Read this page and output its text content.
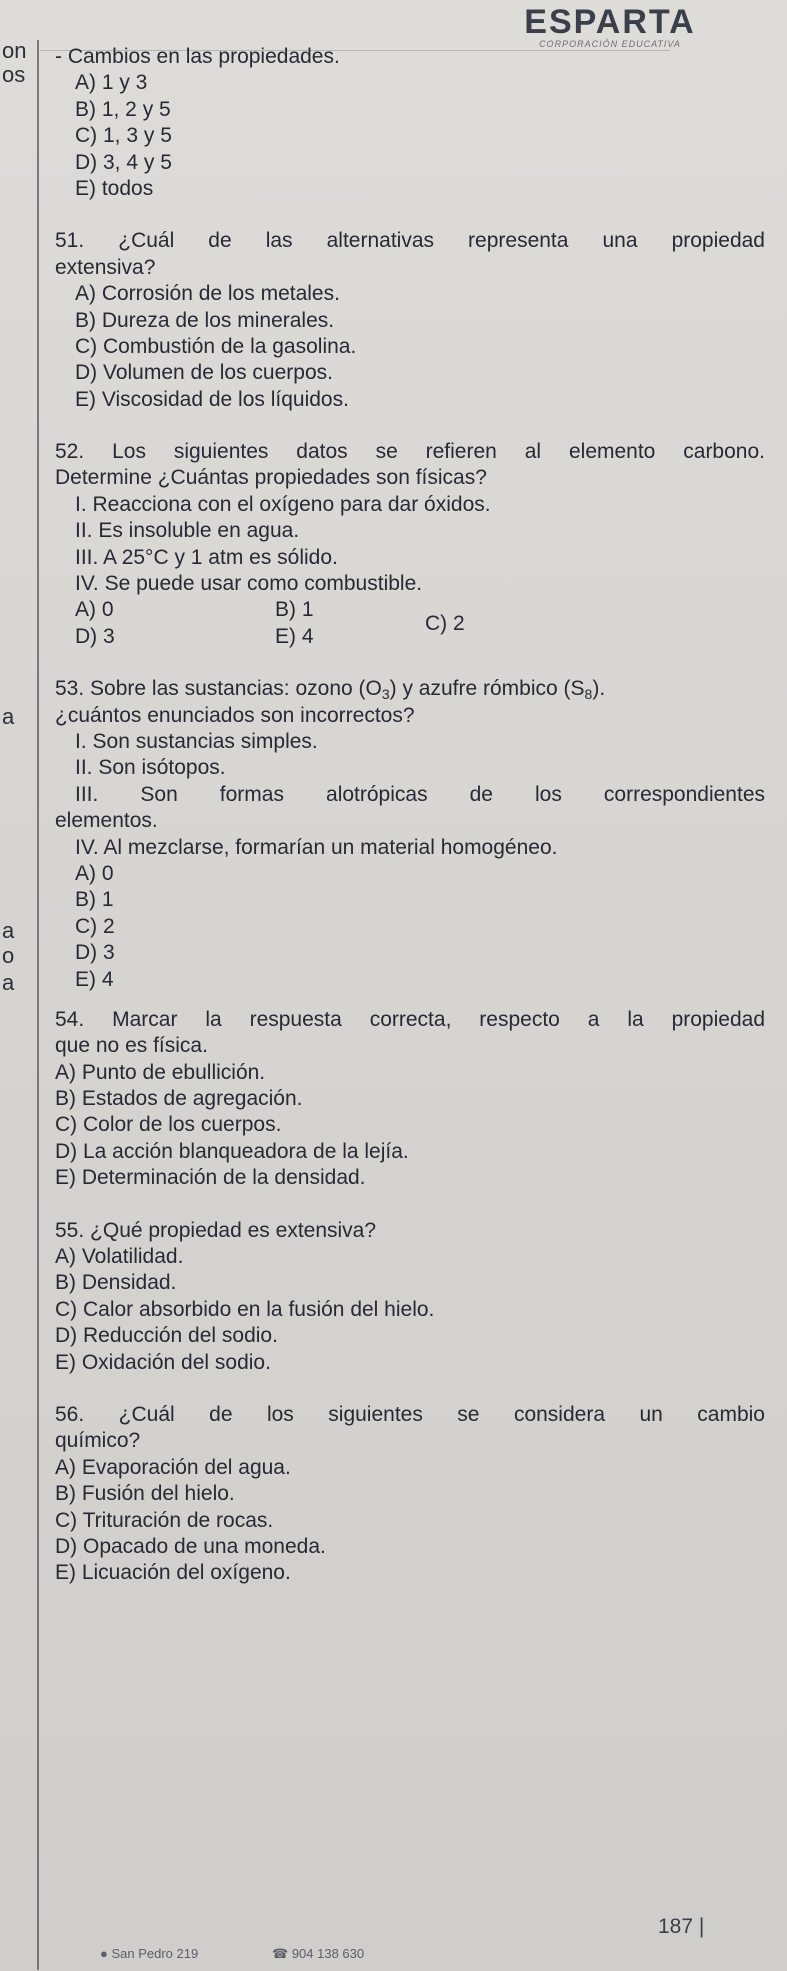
ESPARTA
CORPORACIÓN EDUCATIVA
on
os
a
a
o
a
- Cambios en las propiedades.
A) 1 y 3
B) 1, 2 y 5
C) 1, 3 y 5
D) 3, 4 y 5
E) todos
51. ¿Cuál de las alternativas representa una propiedad
extensiva?
A) Corrosión de los metales.
B) Dureza de los minerales.
C) Combustión de la gasolina.
D) Volumen de los cuerpos.
E) Viscosidad de los líquidos.
52. Los siguientes datos se refieren al elemento carbono.
Determine ¿Cuántas propiedades son físicas?
I. Reacciona con el oxígeno para dar óxidos.
II. Es insoluble en agua.
III. A 25°C y 1 atm es sólido.
IV. Se puede usar como combustible.
A) 0	B) 1
C) 2
D) 3	E) 4
53. Sobre las sustancias: ozono $(O_3)$ y azufre rómbico $(S_8)$.
¿cuántos enunciados son incorrectos?
I. Son sustancias simples.
II. Son isótopos.
III. Son formas alotrópicas de los correspondientes
elementos.
IV. Al mezclarse, formarían un material homogéneo.
A) 0
B) 1
C) 2
D) 3
E) 4
54. Marcar la respuesta correcta, respecto a la propiedad
que no es física.
A) Punto de ebullición.
B) Estados de agregación.
C) Color de los cuerpos.
D) La acción blanqueadora de la lejía.
E) Determinación de la densidad.
55. ¿Qué propiedad es extensiva?
A) Volatilidad.
B) Densidad.
C) Calor absorbido en la fusión del hielo.
D) Reducción del sodio.
E) Oxidación del sodio.
56. ¿Cuál de los siguientes se considera un cambio
químico?
A) Evaporación del agua.
B) Fusión del hielo.
C) Trituración de rocas.
D) Opacado de una moneda.
E) Licuación del oxígeno.
187 |
● San Pedro 219	☎ 904 138 630
